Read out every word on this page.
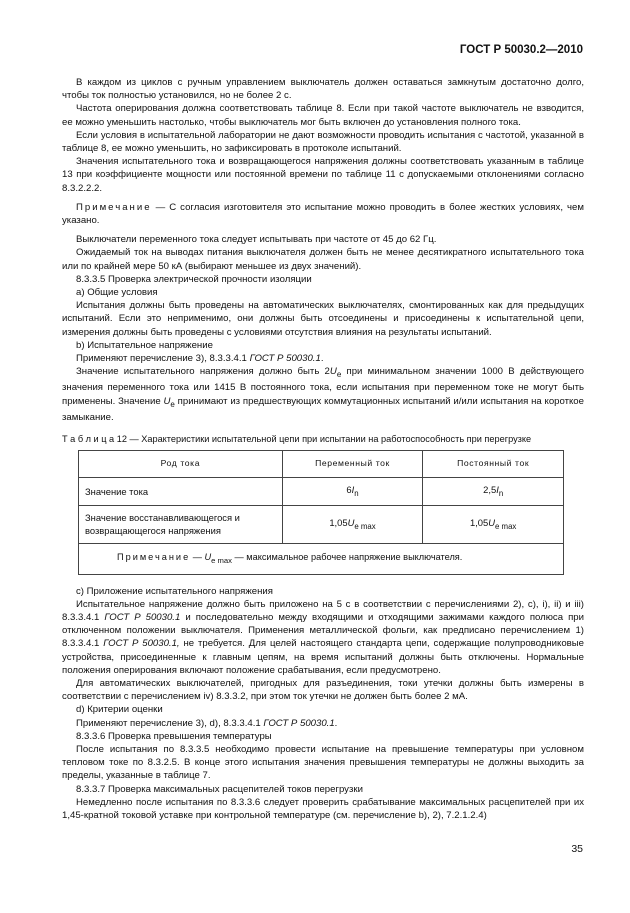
ГОСТ Р 50030.2—2010

В каждом из циклов с ручным управлением выключатель должен оставаться замкнутым достаточно долго, чтобы ток полностью установился, но не более 2 с.

Частота оперирования должна соответствовать таблице 8. Если при такой частоте выключатель не взводится, ее можно уменьшить настолько, чтобы выключатель мог быть включен до установления полного тока.

Если условия в испытательной лаборатории не дают возможности проводить испытания с частотой, указанной в таблице 8, ее можно уменьшить, но зафиксировать в протоколе испытаний.

Значения испытательного тока и возвращающегося напряжения должны соответствовать указанным в таблице 13 при коэффициенте мощности или постоянной времени по таблице 11 с допускаемыми отклонениями согласно 8.3.2.2.2.

Примечание — С согласия изготовителя это испытание можно проводить в более жестких условиях, чем указано.

Выключатели переменного тока следует испытывать при частоте от 45 до 62 Гц.

Ожидаемый ток на выводах питания выключателя должен быть не менее десятикратного испытательного тока или по крайней мере 50 кА (выбирают меньшее из двух значений).

8.3.3.5 Проверка электрической прочности изоляции

а) Общие условия

Испытания должны быть проведены на автоматических выключателях, смонтированных как для предыдущих испытаний. Если это неприменимо, они должны быть отсоединены и присоединены к испытательной цепи, измерения должны быть проведены с условиями отсутствия влияния на результаты испытаний.

b) Испытательное напряжение

Применяют перечисление 3), 8.3.3.4.1 ГОСТ Р 50030.1.

Значение испытательного напряжения должно быть $2U_e$ при минимальном значении 1000 В действующего значения переменного тока или 1415 В постоянного тока, если испытания при переменном токе не могут быть применены. Значение $U_e$ принимают из предшествующих коммутационных испытаний и/или испытания на короткое замыкание.

Т а б л и ц а 12 — Характеристики испытательной цепи при испытании на работоспособность при перегрузке

Род тока	Переменный ток	Постоянный ток
Значение тока	$6I_n$	$2,5I_n$
Значение восстанавливающегося и возвращающегося напряжения	$1,05U_{e max}$	$1,05U_{e max}$
Примечание — $U_{e max}$ — максимальное рабочее напряжение выключателя.		

с) Приложение испытательного напряжения

Испытательное напряжение должно быть приложено на 5 с в соответствии с перечислениями 2), с), i), ii) и iii) 8.3.3.4.1 ГОСТ Р 50030.1 и последовательно между входящими и отходящими зажимами каждого полюса при отключенном положении выключателя. Применения металлической фольги, как предписано перечислением 1) 8.3.3.4.1 ГОСТ Р 50030.1, не требуется. Для целей настоящего стандарта цепи, содержащие полупроводниковые устройства, присоединенные к главным цепям, на время испытаний должны быть отключены. Нормальные положения оперирования включают положение срабатывания, если предусмотрено.

Для автоматических выключателей, пригодных для разъединения, токи утечки должны быть измерены в соответствии с перечислением iv) 8.3.3.2, при этом ток утечки не должен быть более 2 мА.

d) Критерии оценки

Применяют перечисление 3), d), 8.3.3.4.1 ГОСТ Р 50030.1.

8.3.3.6 Проверка превышения температуры

После испытания по 8.3.3.5 необходимо провести испытание на превышение температуры при условном тепловом токе по 8.3.2.5. В конце этого испытания значения превышения температуры не должны выходить за пределы, указанные в таблице 7.

8.3.3.7 Проверка максимальных расцепителей токов перегрузки

Немедленно после испытания по 8.3.3.6 следует проверить срабатывание максимальных расцепителей при их 1,45-кратной токовой уставке при контрольной температуре (см. перечисление b), 2), 7.2.1.2.4)

35
